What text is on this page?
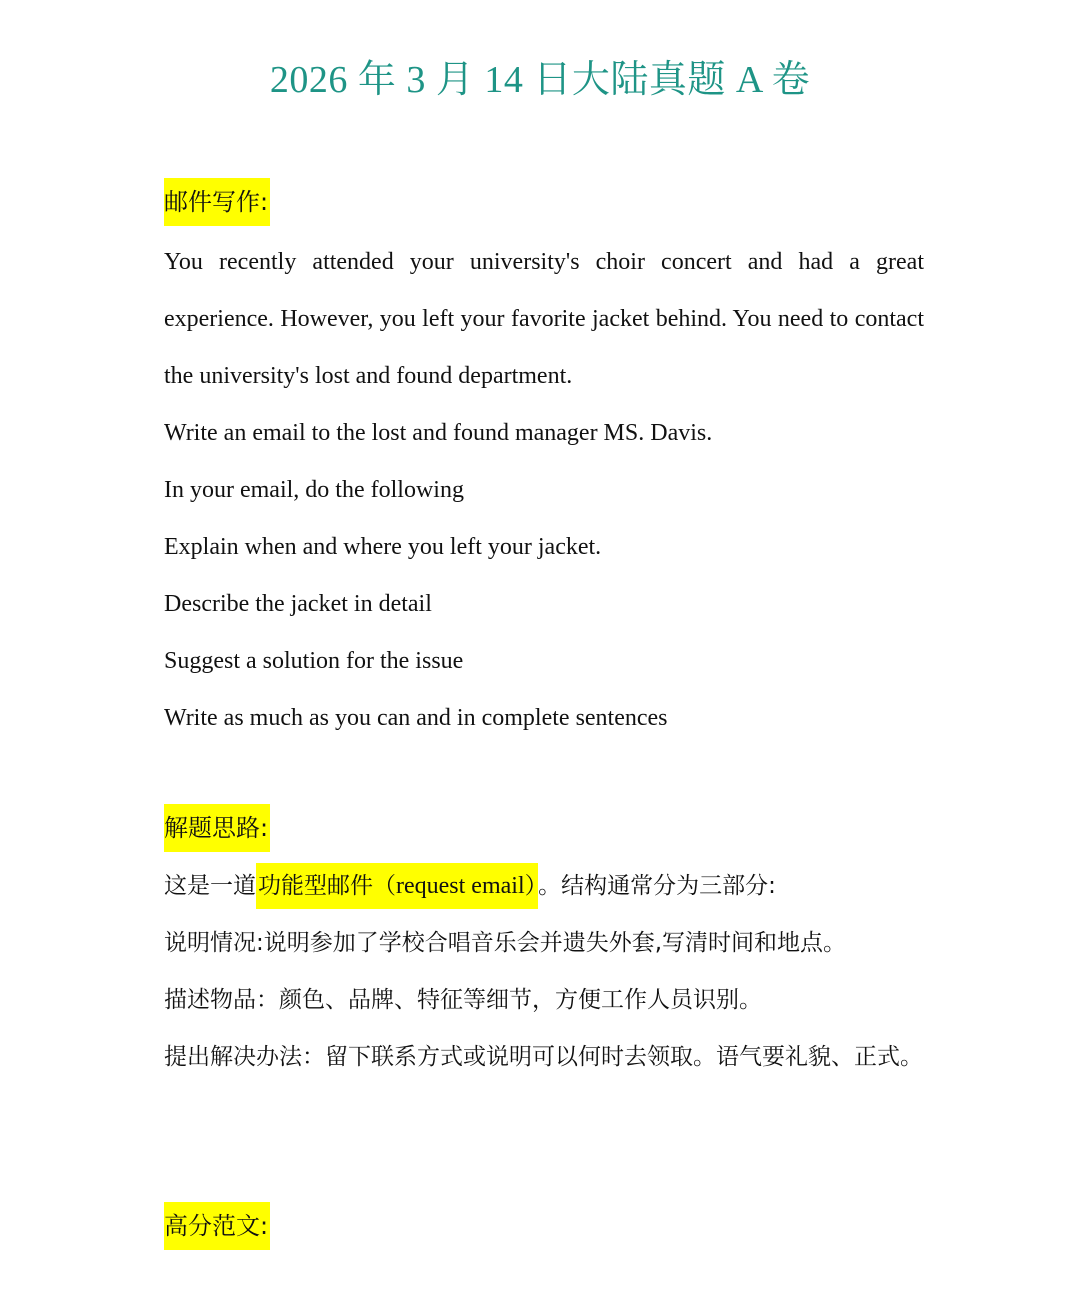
2026 年 3 月 14 日大陆真题 A 卷
邮件写作:

You recently attended your university's choir concert and had a great experience. However, you left your favorite jacket behind. You need to contact the university's lost and found department.

Write an email to the lost and found manager MS. Davis.

In your email, do the following

Explain when and where you left your jacket.

Describe the jacket in detail

Suggest a solution for the issue

Write as much as you can and in complete sentences

解题思路:

这是一道功能型邮件（request email）。结构通常分为三部分:

说明情况:说明参加了学校合唱音乐会并遗失外套,写清时间和地点。

描述物品：颜色、品牌、特征等细节，方便工作人员识别。

提出解决办法：留下联系方式或说明可以何时去领取。语气要礼貌、正式。

高分范文:
